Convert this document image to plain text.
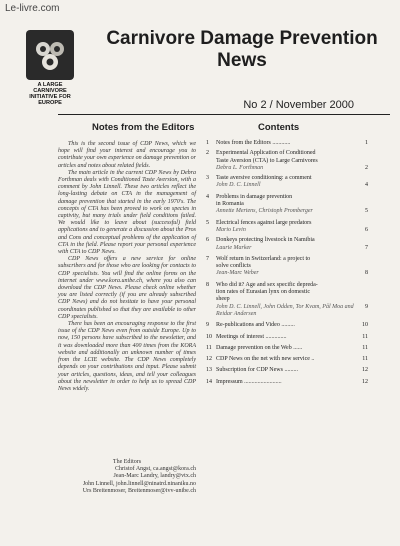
Le-livre.com
A LARGE CARNIVORE INITIATIVE FOR EUROPE
Carnivore Damage Prevention News
No 2 / November 2000
Notes from the Editors	Contents

This is the second issue of CDP News, which we hope will find your interest and encourage you to contribute your own experience on damage prevention or articles and notes about related fields.

The main article in the current CDP News by Debra Forthman deals with Conditioned Taste Aversion, with a comment by John Linnell. These two articles reflect the long-lasting debate on CTA in the management of damage prevention that started in the early 1970's. The concepts of CTA has been proved to work on species in captivity, but many trials under field conditions failed. We would like to leave about (successful) field applications and to generate a discussion about the Pros and Cons and conceptual problems of the application of CTA in the field. Please report your personal experience with CTA to CDP News.

CDP News offers a new service for online subscribers and for those who are looking for contacts to CDP specialists. You will find the online forms on the internet under www.kora.unibe.ch, where you also can download the CDP News. Please check online whether you are listed correctly (if you are already subscribed CDP News) and do not hesitate to have your personal coordinates published so that they are available to other CDP specialists.

There has been an encouraging response to the first issue of the CDP News even from outside Europe. Up to now, 150 persons have subscribed to the newsletter, and it was downloaded more than 400 times from the KORA website and additionally an unknown number of times from the LCIE website. The CDP News completely depends on your contributions and input. Please submit your articles, questions, ideas, and tell your colleagues about the newsletter in order to help us to spread CDP News widely.

The Editors
Christof Angst, ca.angst@kora.ch
Jean-Marc Landry, landry@vtx.ch
John Linnell, john.linnell@ninatrd.ninaniku.no
Urs Breitenmoser, Breitenmoser@ivv-unibe.ch
1	Notes from the Editors ............	1
2	Experimental Application of Conditioned
Taste Aversion (CTA) to Large Carnivores
Debra L. Forthman	2
3	Taste aversive conditioning: a comment
John D. C. Linnell	4
4	Problems in damage prevention
in Romania
Annette Mertens, Christoph Promberger	5
5	Electrical fences against large predators
Mario Levin	6
6	Donkeys protecting livestock in Namibia
Laurie Marker	7
7	Wolf return in Switzerland: a project to
solve conflicts
Jean-Marc Weber	8
8	Who did it? Age and sex specific depreda-
tion rates of Eurasian lynx on domestic
sheep
John D. C. Linnell, John Odden, Tor Kvam, Pål Moa and Reidar Andersen
9
9	Re-publications and Video .........	10
10 Meetings of interest ..............	11
11 Damage prevention on the Web ......	11
12 CDP News on the net with new service ..	11
13 Subscription for CDP News .........	12
14 Impressum .........................	12
